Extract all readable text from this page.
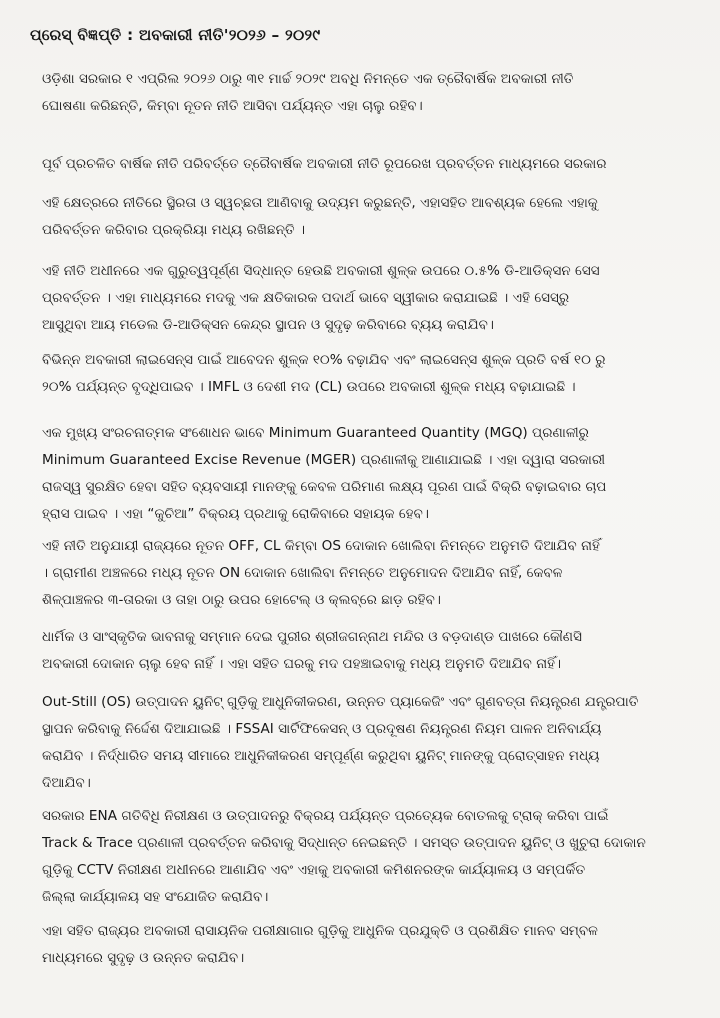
ପ୍ରେସ୍ ବିଜ୍ଞପ୍ତି : ଅବକାରୀ ନୀତି'୨୦୨୬ – ୨୦୨୯
ଓଡ଼ିଶା ସରକାର ୧ ଏପ୍ରିଲ ୨୦୨୬ ଠାରୁ ୩୧ ମାର୍ଚ୍ଚ ୨୦୨୯ ଅବଧି ନିମନ୍ତେ ଏକ ତ୍ରୈବାର୍ଷିକ ଅବକାରୀ ନୀତି
ଘୋଷଣା କରିଛନ୍ତି, କିମ୍ବା ନୂତନ ନୀତି ଆସିବା ପର୍ଯ୍ୟନ୍ତ ଏହା ଚାଲୁ ରହିବ।
ପୂର୍ବ ପ୍ରଚଳିତ ବାର୍ଷିକ ନୀତି ପରିବର୍ତ୍ତେ ତ୍ରୈବାର୍ଷିକ ଅବକାରୀ ନୀତି ରୂପରେଖ ପ୍ରବର୍ତ୍ତନ ମାଧ୍ୟମରେ ସରକାର
ଏହି କ୍ଷେତ୍ରରେ ନୀତିରେ ସ୍ଥିରତା ଓ ସ୍ୱଚ୍ଛତା ଆଣିବାକୁ ଉଦ୍ୟମ କରୁଛନ୍ତି, ଏହାସହିତ ଆବଶ୍ୟକ ହେଲେ ଏହାକୁ
ପରିବର୍ତ୍ତନ କରିବାର ପ୍ରକ୍ରିୟା ମଧ୍ୟ ରଖିଛନ୍ତି ।
ଏହି ନୀତି ଅଧୀନରେ ଏକ ଗୁରୁତ୍ୱପୂର୍ଣ୍ଣ ସିଦ୍ଧାନ୍ତ ହେଉଛି ଅବକାରୀ ଶୁଳ୍କ ଉପରେ ୦.୫% ଡି-ଆଡିକ୍ସନ ସେସ
ପ୍ରବର୍ତ୍ତନ । ଏହା ମାଧ୍ୟମରେ ମଦକୁ ଏକ କ୍ଷତିକାରକ ପଦାର୍ଥ ଭାବେ ସ୍ୱୀକାର କରାଯାଇଛି । ଏହି ସେସ୍‌ରୁ
ଆସୁଥିବା ଆୟ ମଡେଲ ଡି-ଆଡିକ୍ସନ କେନ୍ଦ୍ର ସ୍ଥାପନ ଓ ସୁଦୃଢ଼ କରିବାରେ ବ୍ୟୟ କରାଯିବ।
ବିଭିନ୍ନ ଅବକାରୀ ଲାଇସେନ୍ସ ପାଇଁ ଆବେଦନ ଶୁଳ୍କ ୧୦% ବଢ଼ାଯିବ ଏବଂ ଲାଇସେନ୍ସ ଶୁଳ୍କ ପ୍ରତି ବର୍ଷ ୧୦ ରୁ
୨୦% ପର୍ଯ୍ୟନ୍ତ ବୃଦ୍ଧିପାଇବ । IMFL ଓ ଦେଶୀ ମଦ (CL) ଉପରେ ଅବକାରୀ ଶୁଳ୍କ ମଧ୍ୟ ବଢ଼ାଯାଇଛି ।
ଏକ ମୁଖ୍ୟ ସଂରଚନାତ୍ମକ ସଂଶୋଧନ ଭାବେ Minimum Guaranteed Quantity (MGQ) ପ୍ରଣାଳୀରୁ
Minimum Guaranteed Excise Revenue (MGER) ପ୍ରଣାଳୀକୁ ଆଣାଯାଇଛି । ଏହା ଦ୍ୱାରା ସରକାରୀ
ରାଜସ୍ୱ ସୁରକ୍ଷିତ ହେବା ସହିତ ବ୍ୟବସାୟୀ ମାନଙ୍କୁ କେବଳ ପରିମାଣ ଲକ୍ଷ୍ୟ ପୂରଣ ପାଇଁ ବିକ୍ରି ବଢ଼ାଇବାର ଚାପ
ହ୍ରାସ ପାଇବ । ଏହା “କୁଚିଆ” ବିକ୍ରୟ ପ୍ରଥାକୁ ରୋକିବାରେ ସହାୟକ ହେବ।
ଏହି ନୀତି ଅନୁଯାୟୀ ରାଜ୍ୟରେ ନୂତନ OFF, CL କିମ୍ବା OS ଦୋକାନ ଖୋଲିବା ନିମନ୍ତେ ଅନୁମତି ଦିଆଯିବ ନାହିଁ
। ଗ୍ରାମୀଣ ଅଞ୍ଚଳରେ ମଧ୍ୟ ନୂତନ ON ଦୋକାନ ଖୋଲିବା ନିମନ୍ତେ ଅନୁମୋଦନ ଦିଆଯିବ ନାହିଁ, କେବଳ
ଶିଳ୍ପାଞ୍ଚଳର ୩-ତାରକା ଓ ତାହା ଠାରୁ ଉପର ହୋଟେଲ୍ ଓ କ୍ଲବ୍‌ରେ ଛାଡ଼ ରହିବ।
ଧାର୍ମିକ ଓ ସାଂସ୍କୃତିକ ଭାବନାକୁ ସମ୍ମାନ ଦେଇ ପୁରୀର ଶ୍ରୀଜଗନ୍ନାଥ ମନ୍ଦିର ଓ ବଡ଼ଦାଣ୍ଡ ପାଖରେ କୌଣସି
ଅବକାରୀ ଦୋକାନ ଚାଲୁ ହେବ ନାହିଁ । ଏହା ସହିତ ଘରକୁ ମଦ ପହଞ୍ଚାଇବାକୁ ମଧ୍ୟ ଅନୁମତି ଦିଆଯିବ ନାହିଁ।
Out-Still (OS) ଉତ୍ପାଦନ ୟୁନିଟ୍ ଗୁଡ଼ିକୁ ଆଧୁନିକୀକରଣ, ଉନ୍ନତ ପ୍ୟାକେଜିଂ ଏବଂ ଗୁଣବତ୍ତା ନିୟନ୍ତ୍ରଣ ଯନ୍ତ୍ରପାତି
ସ୍ଥାପନ କରିବାକୁ ନିର୍ଦ୍ଦେଶ ଦିଆଯାଇଛି । FSSAI ସାର୍ଟିଫିକେସନ୍ ଓ ପ୍ରଦୂଷଣ ନିୟନ୍ତ୍ରଣ ନିୟମ ପାଳନ ଅନିବାର୍ଯ୍ୟ
କରାଯିବ । ନିର୍ଦ୍ଧାରିତ ସମୟ ସୀମାରେ ଆଧୁନିକୀକରଣ ସମ୍ପୂର୍ଣ୍ଣ କରୁଥିବା ୟୁନିଟ୍ ମାନଙ୍କୁ ପ୍ରୋତ୍ସାହନ ମଧ୍ୟ
ଦିଆଯିବ।
ସରକାର ENA ଗତିବିଧି ନିରୀକ୍ଷଣ ଓ ଉତ୍ପାଦନରୁ ବିକ୍ରୟ ପର୍ଯ୍ୟନ୍ତ ପ୍ରତ୍ୟେକ ବୋତଲକୁ ଟ୍ରାକ୍ କରିବା ପାଇଁ
Track & Trace ପ୍ରଣାଳୀ ପ୍ରବର୍ତ୍ତନ କରିବାକୁ ସିଦ୍ଧାନ୍ତ ନେଇଛନ୍ତି । ସମସ୍ତ ଉତ୍ପାଦନ ୟୁନିଟ୍ ଓ ଖୁଚୁରା ଦୋକାନ
ଗୁଡ଼ିକୁ CCTV ନିରୀକ୍ଷଣ ଅଧୀନରେ ଆଣାଯିବ ଏବଂ ଏହାକୁ ଅବକାରୀ କମିଶନରଙ୍କ କାର୍ଯ୍ୟାଳୟ ଓ ସମ୍ପର୍କିତ
ଜିଲ୍ଲା କାର୍ଯ୍ୟାଳୟ ସହ ସଂଯୋଜିତ କରାଯିବ।
ଏହା ସହିତ ରାଜ୍ୟର ଅବକାରୀ ରାସାୟନିକ ପରୀକ୍ଷାଗାର ଗୁଡ଼ିକୁ ଆଧୁନିକ ପ୍ରଯୁକ୍ତି ଓ ପ୍ରଶିକ୍ଷିତ ମାନବ ସମ୍ବଳ
ମାଧ୍ୟମରେ ସୁଦୃଢ଼ ଓ ଉନ୍ନତ କରାଯିବ।
